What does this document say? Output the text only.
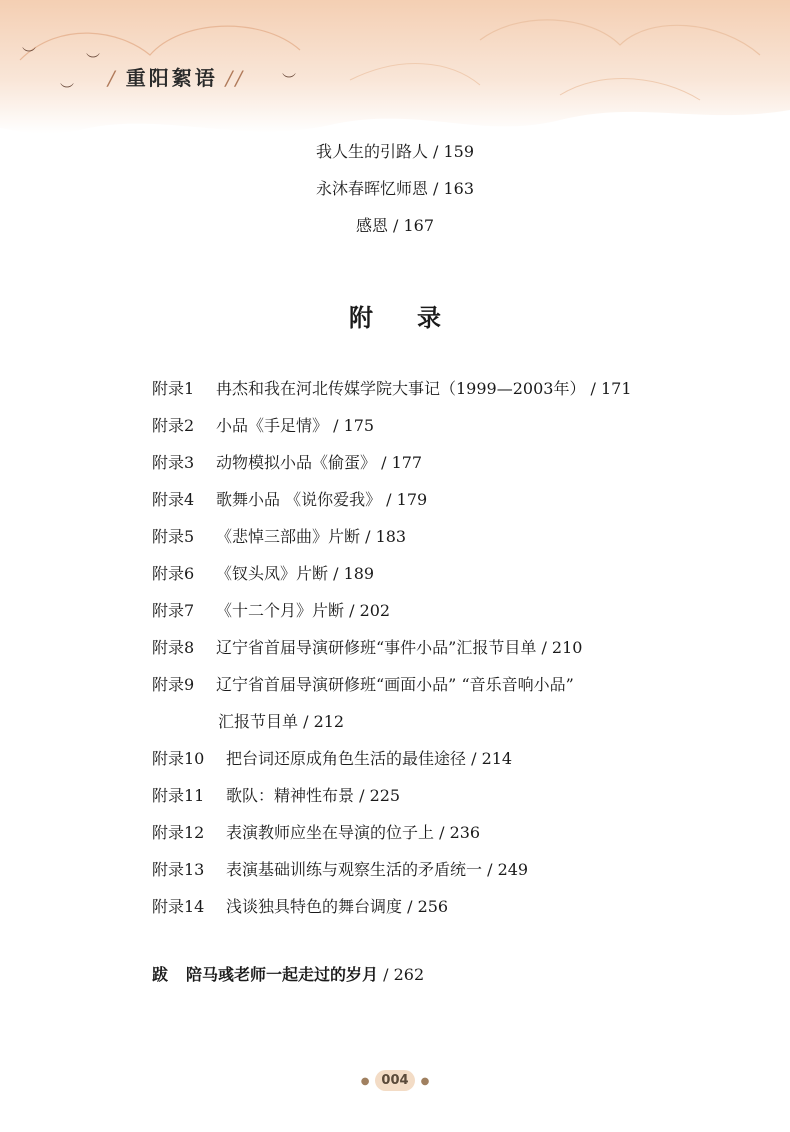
︶
︶
︶
︶
/ 重阳絮语 //
我人生的引路人 / 159
永沐春晖忆师恩 / 163
感恩 / 167
附录
附录1 冉杰和我在河北传媒学院大事记（1999—2003年） / 171
附录2 小品《手足情》 / 175
附录3 动物模拟小品《偷蛋》 / 177
附录4 歌舞小品 《说你爱我》 / 179
附录5 《悲悼三部曲》片断 / 183
附录6 《钗头凤》片断 / 189
附录7 《十二个月》片断 / 202
附录8 辽宁省首届导演研修班“事件小品”汇报节目单 / 210
附录9 辽宁省首届导演研修班“画面小品” “音乐音响小品”
汇报节目单 / 212
附录10 把台词还原成角色生活的最佳途径 / 214
附录11 歌队：精神性布景 / 225
附录12 表演教师应坐在导演的位子上 / 236
附录13 表演基础训练与观察生活的矛盾统一 / 249
附录14 浅谈独具特色的舞台调度 / 256
跋 陪马彧老师一起走过的岁月 / 262
● 004 ●
